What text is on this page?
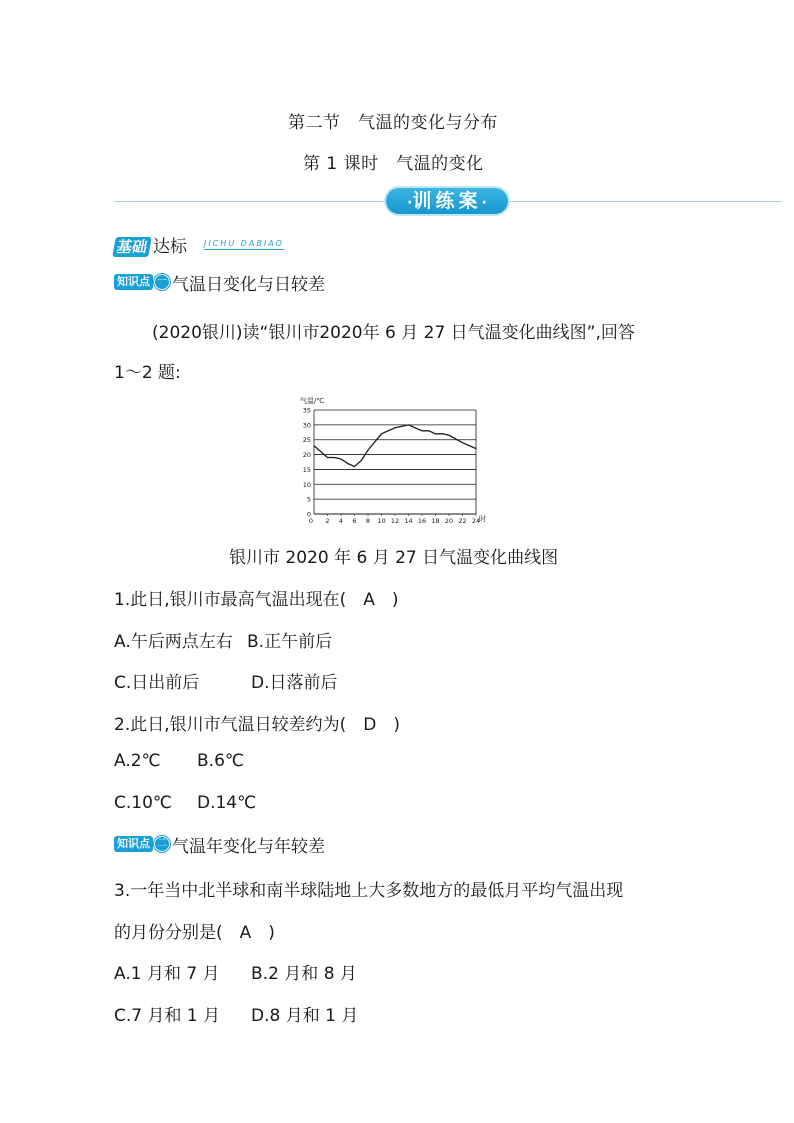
第二节　气温的变化与分布
第 1 课时　气温的变化
·训练案·
基础 达标 JICHU DABIAO
知识点 一 气温日变化与日较差
(2020银川)读“银川市2020年 6 月 27 日气温变化曲线图”,回答
1～2 题:
0
5
10
15
20
25
30
35
2 4 6 8 10 12 14 16 18 20 22 24
0
气温/℃
时
银川市 2020 年 6 月 27 日气温变化曲线图
1.此日,银川市最高气温出现在(　A　)
A.午后两点左右 B.正午前后
C.日出前后	D.日落前后
2.此日,银川市气温日较差约为(　D　)
A.2℃ B.6℃
C.10℃ D.14℃
知识点 二 气温年变化与年较差
3.一年当中北半球和南半球陆地上大多数地方的最低月平均气温出现
的月份分别是(　A　)
A.1 月和 7 月 B.2 月和 8 月
C.7 月和 1 月 D.8 月和 1 月
